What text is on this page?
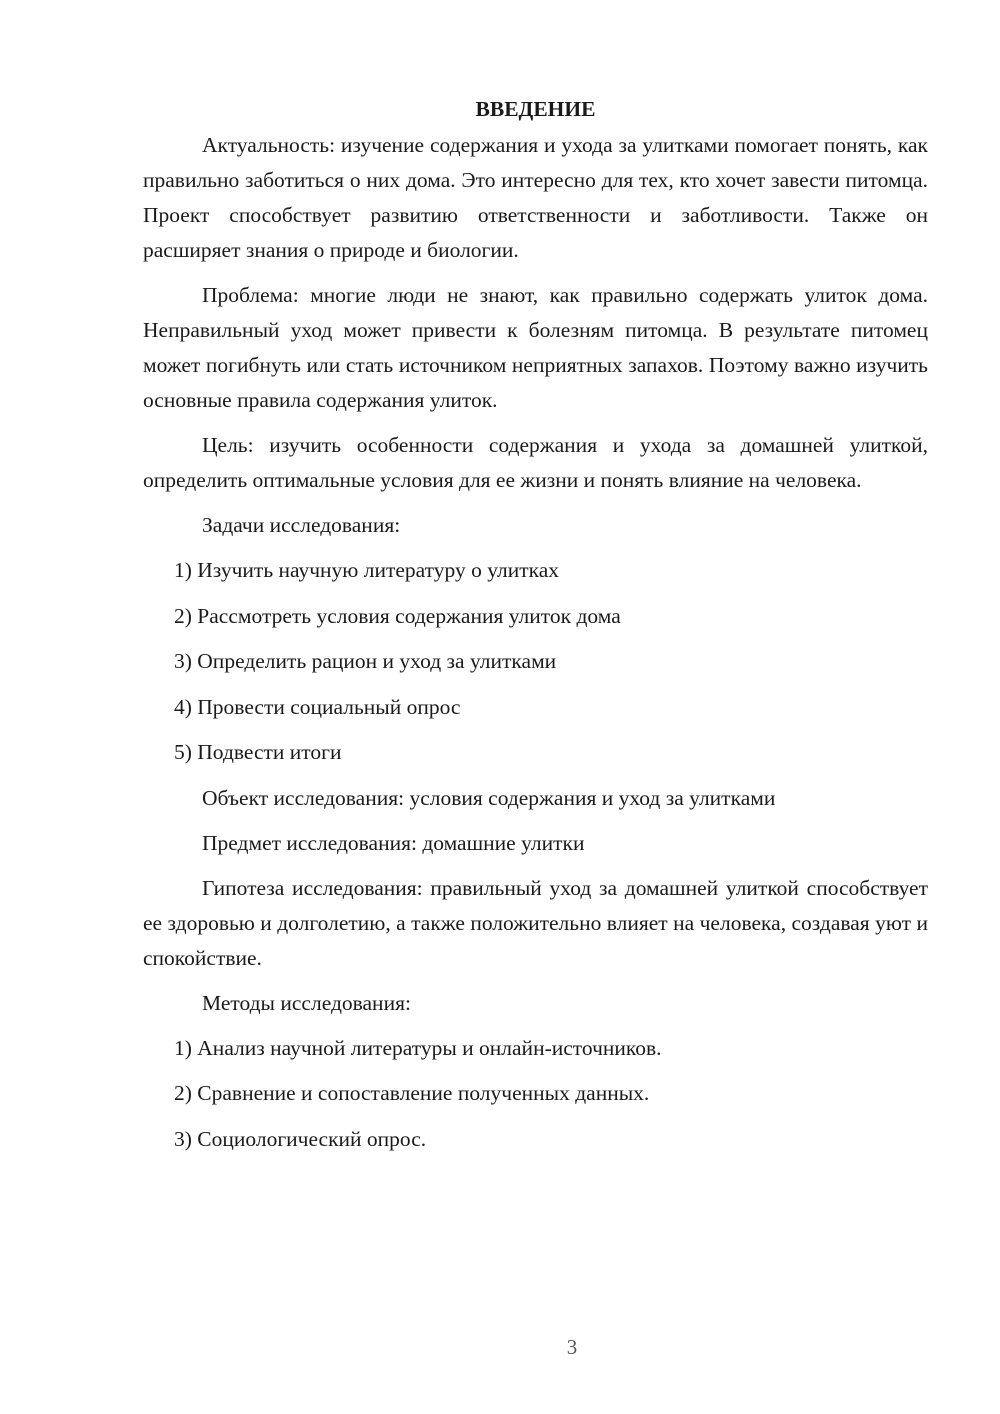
ВВЕДЕНИЕ

Актуальность: изучение содержания и ухода за улитками помогает понять, как правильно заботиться о них дома. Это интересно для тех, кто хочет завести питомца. Проект способствует развитию ответственности и заботливости. Также он расширяет знания о природе и биологии.

Проблема: многие люди не знают, как правильно содержать улиток дома. Неправильный уход может привести к болезням питомца. В результате питомец может погибнуть или стать источником неприятных запахов. Поэтому важно изучить основные правила содержания улиток.

Цель: изучить особенности содержания и ухода за домашней улиткой, определить оптимальные условия для ее жизни и понять влияние на человека.

Задачи исследования:
1) Изучить научную литературу о улитках
2) Рассмотреть условия содержания улиток дома
3) Определить рацион и уход за улитками
4) Провести социальный опрос
5) Подвести итоги
Объект исследования: условия содержания и уход за улитками
Предмет исследования: домашние улитки

Гипотеза исследования: правильный уход за домашней улиткой способствует ее здоровью и долголетию, а также положительно влияет на человека, создавая уют и спокойствие.

Методы исследования:
1) Анализ научной литературы и онлайн-источников.
2) Сравнение и сопоставление полученных данных.
3) Социологический опрос.
3
